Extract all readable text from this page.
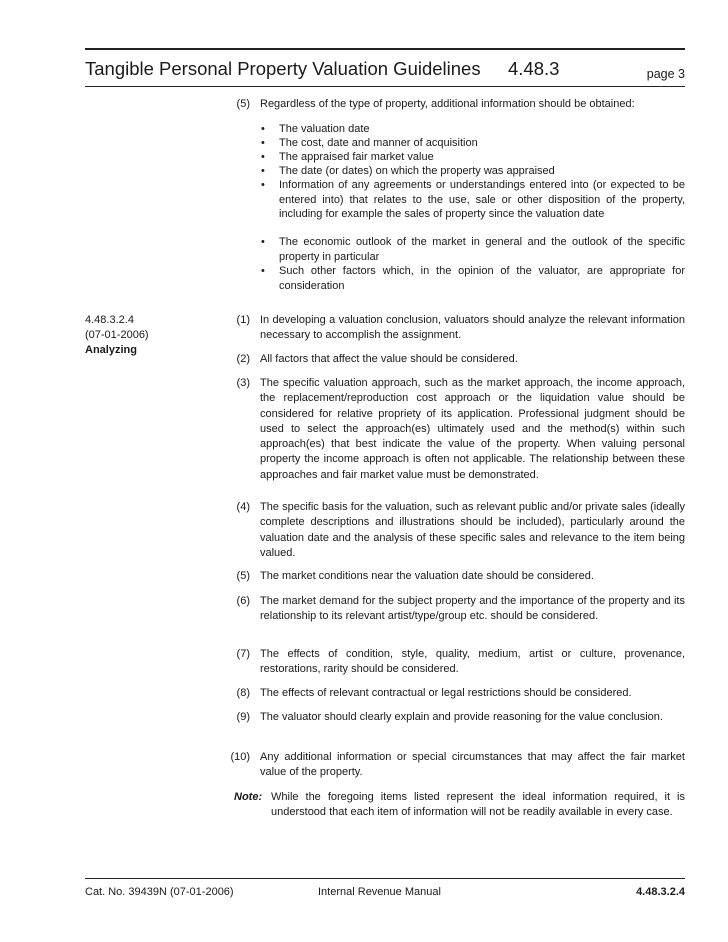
Tangible Personal Property Valuation Guidelines 4.48.3	page 3
(5) Regardless of the type of property, additional information should be obtained:
• The valuation date
• The cost, date and manner of acquisition
• The appraised fair market value
• The date (or dates) on which the property was appraised
• Information of any agreements or understandings entered into (or expected to be entered into) that relates to the use, sale or other disposition of the property, including for example the sales of property since the valuation date
• The economic outlook of the market in general and the outlook of the specific property in particular
• Such other factors which, in the opinion of the valuator, are appropriate for consideration
4.48.3.2.4
(07-01-2006)
Analyzing
(1) In developing a valuation conclusion, valuators should analyze the relevant information necessary to accomplish the assignment.
(2) All factors that affect the value should be considered.
(3) The specific valuation approach, such as the market approach, the income approach, the replacement/reproduction cost approach or the liquidation value should be considered for relative propriety of its application. Professional judgment should be used to select the approach(es) ultimately used and the method(s) within such approach(es) that best indicate the value of the property. When valuing personal property the income approach is often not applicable. The relationship between these approaches and fair market value must be demonstrated.
(4) The specific basis for the valuation, such as relevant public and/or private sales (ideally complete descriptions and illustrations should be included), particularly around the valuation date and the analysis of these specific sales and relevance to the item being valued.
(5) The market conditions near the valuation date should be considered.
(6) The market demand for the subject property and the importance of the property and its relationship to its relevant artist/type/group etc. should be considered.
(7) The effects of condition, style, quality, medium, artist or culture, provenance, restorations, rarity should be considered.
(8) The effects of relevant contractual or legal restrictions should be considered.
(9) The valuator should clearly explain and provide reasoning for the value conclusion.
(10) Any additional information or special circumstances that may affect the fair market value of the property.
Note: While the foregoing items listed represent the ideal information required, it is understood that each item of information will not be readily available in every case.
Cat. No. 39439N (07-01-2006)	Internal Revenue Manual	4.48.3.2.4
